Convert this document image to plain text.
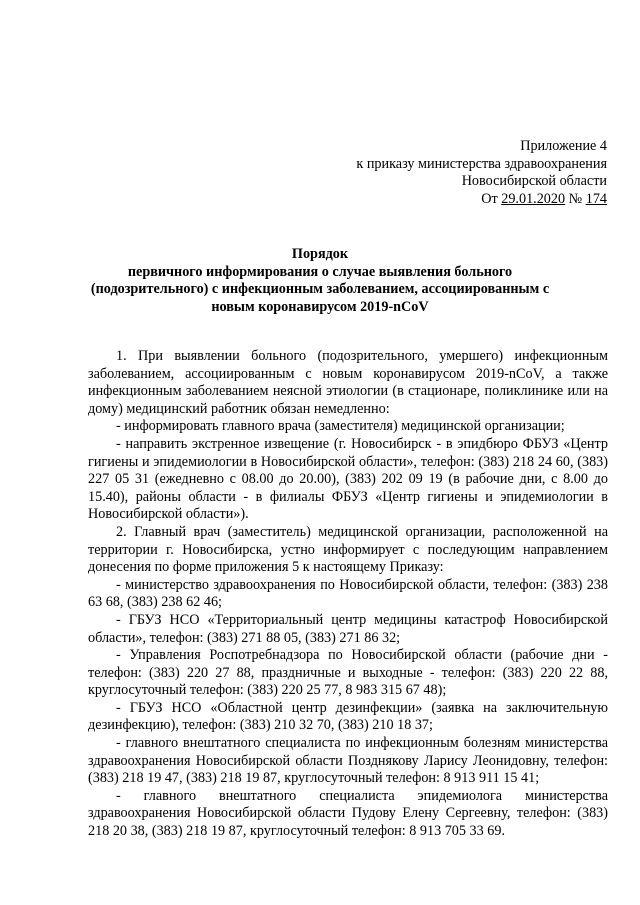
Приложение 4
к приказу министерства здравоохранения
Новосибирской области
От 29.01.2020 № 174
Порядок
первичного информирования о случае выявления больного
(подозрительного) с инфекционным заболеванием, ассоциированным с
новым коронавирусом 2019-nCoV

1. При выявлении больного (подозрительного, умершего) инфекционным заболеванием, ассоциированным с новым коронавирусом 2019-nCoV, а также инфекционным заболеванием неясной этиологии (в стационаре, поликлинике или на дому) медицинский работник обязан немедленно:

- информировать главного врача (заместителя) медицинской организации;

- направить экстренное извещение (г. Новосибирск - в эпидбюро ФБУЗ «Центр гигиены и эпидемиологии в Новосибирской области», телефон: (383) 218 24 60, (383) 227 05 31 (ежедневно с 08.00 до 20.00), (383) 202 09 19 (в рабочие дни, с 8.00 до 15.40), районы области - в филиалы ФБУЗ «Центр гигиены и эпидемиологии в Новосибирской области»).

2. Главный врач (заместитель) медицинской организации, расположенной на территории г. Новосибирска, устно информирует с последующим направлением донесения по форме приложения 5 к настоящему Приказу:

- министерство здравоохранения по Новосибирской области, телефон: (383) 238 63 68, (383) 238 62 46;

- ГБУЗ НСО «Территориальный центр медицины катастроф Новосибирской области», телефон: (383) 271 88 05, (383) 271 86 32;

- Управления Роспотребнадзора по Новосибирской области (рабочие дни - телефон: (383) 220 27 88, праздничные и выходные - телефон: (383) 220 22 88, круглосуточный телефон: (383) 220 25 77, 8 983 315 67 48);

- ГБУЗ НСО «Областной центр дезинфекции» (заявка на заключительную дезинфекцию), телефон: (383) 210 32 70, (383) 210 18 37;

- главного внештатного специалиста по инфекционным болезням министерства здравоохранения Новосибирской области Позднякову Ларису Леонидовну, телефон: (383) 218 19 47, (383) 218 19 87, круглосуточный телефон: 8 913 911 15 41;

- главного внештатного специалиста эпидемиолога министерства здравоохранения Новосибирской области Пудову Елену Сергеевну, телефон: (383) 218 20 38, (383) 218 19 87, круглосуточный телефон: 8 913 705 33 69.
